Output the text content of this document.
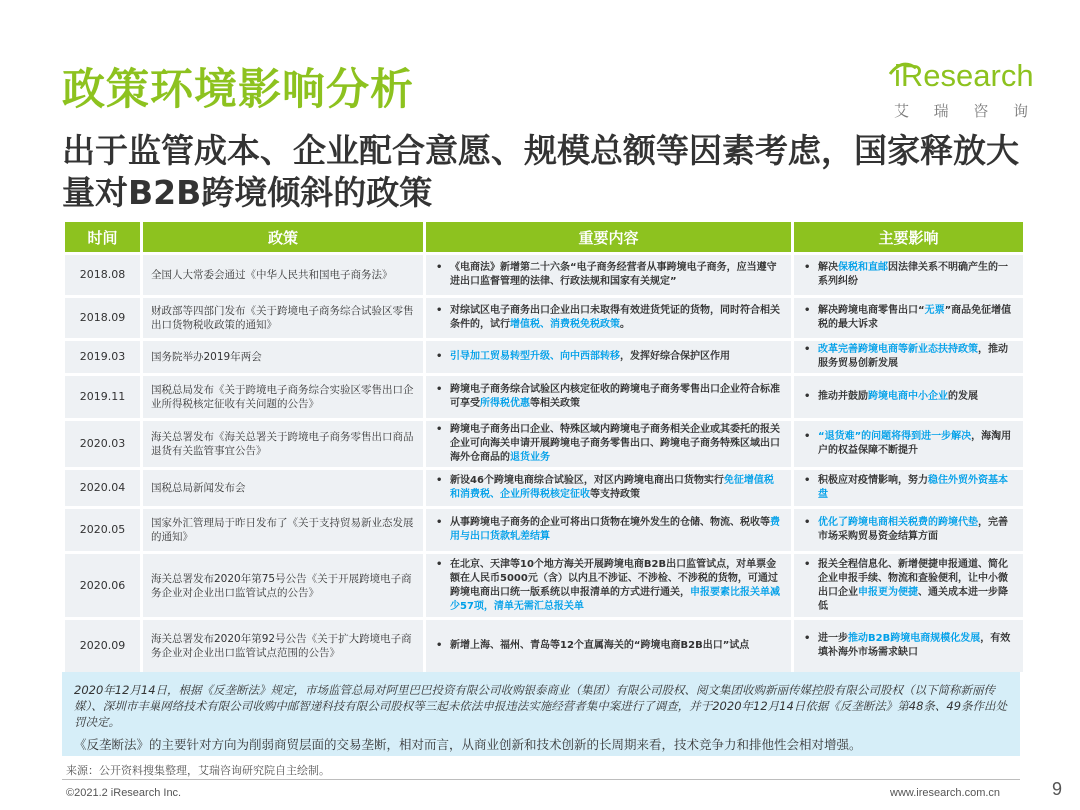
政策环境影响分析	iResearch
艾 瑞 咨 询
出于监管成本、企业配合意愿、规模总额等因素考虑，国家释放大量对B2B跨境倾斜的政策
时间	政策	重要内容	主要影响
2018.08	全国人大常委会通过《中华人民共和国电子商务法》	• 《电商法》新增第二十六条“电子商务经营者从事跨境电子商务，应当遵守进出口监督管理的法律、行政法规和国家有关规定”	• 解决保税和直邮因法律关系不明确产生的一系列纠纷

2018.09	财政部等四部门发布《关于跨境电子商务综合试验区零售出口货物税收政策的通知》	• 对综试区电子商务出口企业出口未取得有效进货凭证的货物，同时符合相关条件的，试行增值税、消费税免税政策。	• 解决跨境电商零售出口“无票”商品免征增值税的最大诉求

2019.03	国务院举办2019年两会	• 引导加工贸易转型升级、向中西部转移，发挥好综合保护区作用	• 改革完善跨境电商等新业态扶持政策，推动服务贸易创新发展

2019.11	国税总局发布《关于跨境电子商务综合实验区零售出口企业所得税核定征收有关问题的公告》	• 跨境电子商务综合试验区内核定征收的跨境电子商务零售出口企业符合标准可享受所得税优惠等相关政策	• 推动并鼓励跨境电商中小企业的发展

2020.03	海关总署发布《海关总署关于跨境电子商务零售出口商品退货有关监管事宜公告》	• 跨境电子商务出口企业、特殊区域内跨境电子商务相关企业或其委托的报关企业可向海关申请开展跨境电子商务零售出口、跨境电子商务特殊区域出口海外仓商品的退货业务	• “退货难”的问题将得到进一步解决，海淘用户的权益保障不断提升

2020.04	国税总局新闻发布会	• 新设46个跨境电商综合试验区，对区内跨境电商出口货物实行免征增值税和消费税、企业所得税核定征收等支持政策	• 积极应对疫情影响，努力稳住外贸外资基本盘

2020.05	国家外汇管理局于昨日发布了《关于支持贸易新业态发展的通知》	• 从事跨境电子商务的企业可将出口货物在境外发生的仓储、物流、税收等费用与出口货款轧差结算	• 优化了跨境电商相关税费的跨境代垫，完善市场采购贸易资金结算方面

2020.06	海关总署发布2020年第75号公告《关于开展跨境电子商务企业对企业出口监管试点的公告》	• 在北京、天津等10个地方海关开展跨境电商B2B出口监管试点，对单票金额在人民币5000元（含）以内且不涉证、不涉检、不涉税的货物，可通过跨境电商出口统一版系统以申报清单的方式进行通关，申报要素比报关单减少57项，清单无需汇总报关单	• 报关全程信息化、新增便捷申报通道、简化企业申报手续、物流和查验便利，让中小微出口企业申报更为便捷、通关成本进一步降低

2020.09	海关总署发布2020年第92号公告《关于扩大跨境电子商务企业对企业出口监管试点范围的公告》	• 新增上海、福州、青岛等12个直属海关的“跨境电商B2B出口”试点	• 进一步推动B2B跨境电商规模化发展，有效填补海外市场需求缺口
2020年12月14日，根据《反垄断法》规定，市场监管总局对阿里巴巴投资有限公司收购银泰商业（集团）有限公司股权、阅文集团收购新丽传媒控股有限公司股权（以下简称新丽传媒）、深圳市丰巢网络技术有限公司收购中邮智递科技有限公司股权等三起未依法申报违法实施经营者集中案进行了调查，并于2020年12月14日依据《反垄断法》第48条、49条作出处罚决定。
《反垄断法》的主要针对方向为削弱商贸层面的交易垄断，相对而言，从商业创新和技术创新的长周期来看，技术竞争力和排他性会相对增强。
来源：公开资料搜集整理，艾瑞咨询研究院自主绘制。
©2021.2 iResearch Inc.	www.iresearch.com.cn	9
